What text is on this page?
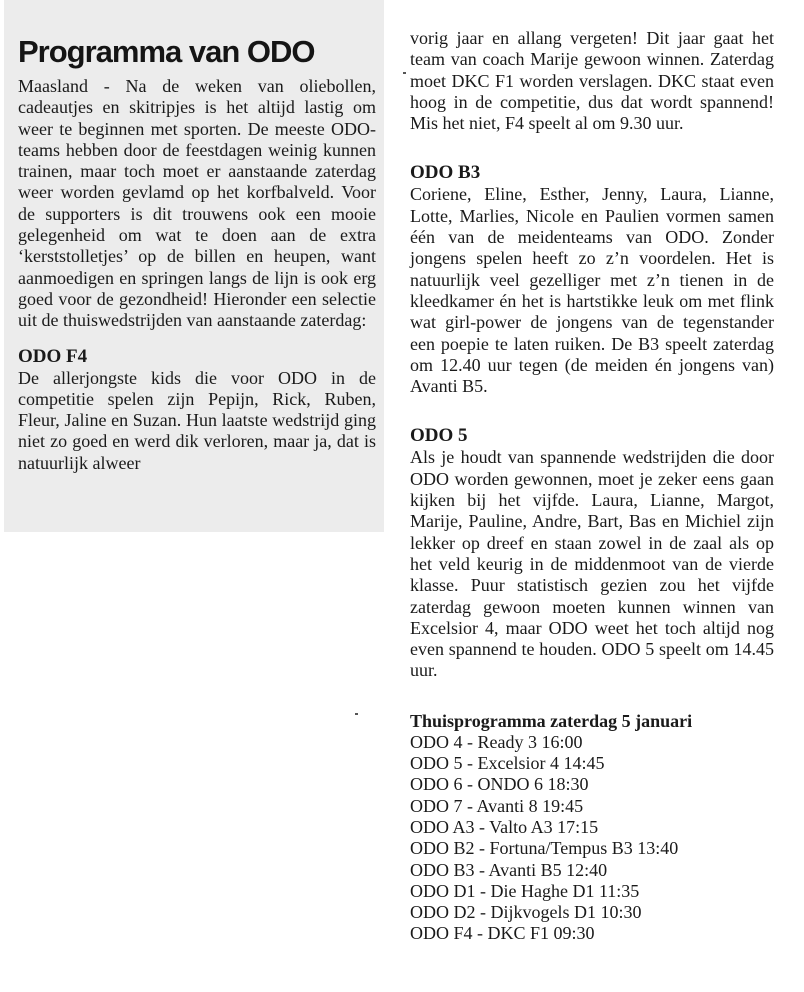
Programma van ODO

Maasland - Na de weken van oliebollen, cadeautjes en skitripjes is het altijd lastig om weer te beginnen met sporten. De meeste ODO-teams hebben door de feestdagen weinig kunnen trainen, maar toch moet er aanstaande zaterdag weer worden gevlamd op het korfbalveld. Voor de supporters is dit trouwens ook een mooie gelegenheid om wat te doen aan de extra ‘kerststolletjes’ op de billen en heupen, want aanmoedigen en springen langs de lijn is ook erg goed voor de gezondheid! Hieronder een selectie uit de thuiswedstrijden van aanstaande zaterdag:

ODO F4

De allerjongste kids die voor ODO in de competitie spelen zijn Pepijn, Rick, Ruben, Fleur, Jaline en Suzan. Hun laatste wedstrijd ging niet zo goed en werd dik verloren, maar ja, dat is natuurlijk alweer

vorig jaar en allang vergeten! Dit jaar gaat het team van coach Marije gewoon winnen. Zaterdag moet DKC F1 worden verslagen. DKC staat even hoog in de competitie, dus dat wordt spannend! Mis het niet, F4 speelt al om 9.30 uur.

ODO B3

Coriene, Eline, Esther, Jenny, Laura, Lianne, Lotte, Marlies, Nicole en Paulien vormen samen één van de meidenteams van ODO. Zonder jongens spelen heeft zo z’n voordelen. Het is natuurlijk veel gezelliger met z’n tienen in de kleedkamer én het is hartstikke leuk om met flink wat girl-power de jongens van de tegenstander een poepie te laten ruiken. De B3 speelt zaterdag om 12.40 uur tegen (de meiden én jongens van) Avanti B5.

ODO 5

Als je houdt van spannende wedstrijden die door ODO worden gewonnen, moet je zeker eens gaan kijken bij het vijfde. Laura, Lianne, Margot, Marije, Pauline, Andre, Bart, Bas en Michiel zijn lekker op dreef en staan zowel in de zaal als op het veld keurig in de middenmoot van de vierde klasse. Puur statistisch gezien zou het vijfde zaterdag gewoon moeten kunnen winnen van Excelsior 4, maar ODO weet het toch altijd nog even spannend te houden. ODO 5 speelt om 14.45 uur.

Thuisprogramma zaterdag 5 januari
ODO 4 - Ready 3 16:00
ODO 5 - Excelsior 4 14:45
ODO 6 - ONDO 6 18:30
ODO 7 - Avanti 8 19:45
ODO A3 - Valto A3 17:15
ODO B2 - Fortuna/Tempus B3 13:40
ODO B3 - Avanti B5 12:40
ODO D1 - Die Haghe D1 11:35
ODO D2 - Dijkvogels D1 10:30
ODO F4 - DKC F1 09:30
